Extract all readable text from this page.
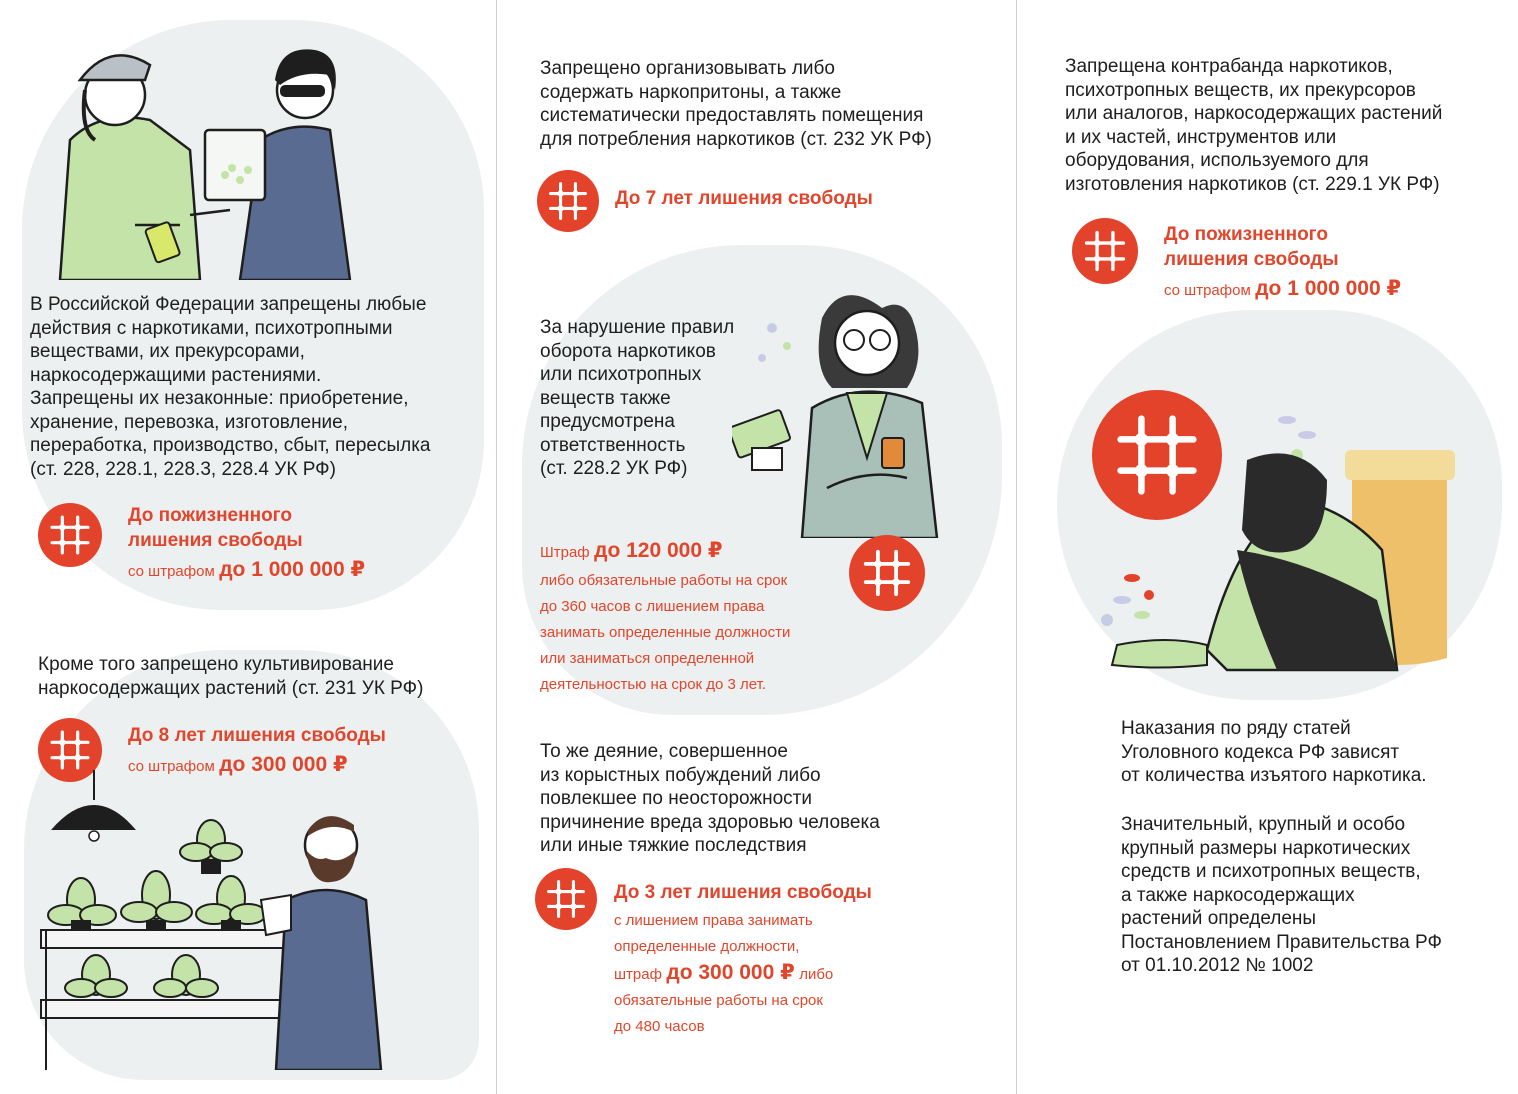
В Российской Федерации запрещены любые
действия с наркотиками, психотропными
веществами, их прекурсорами,
наркосодержащими растениями.
Запрещены их незаконные: приобретение,
хранение, перевозка, изготовление,
переработка, производство, сбыт, пересылка
(ст. 228, 228.1, 228.3, 228.4 УК РФ)
До пожизненного
лишения свободы
со штрафом до 1 000 000 ₽
Кроме того запрещено культивирование
наркосодержащих растений (ст. 231 УК РФ)
До 8 лет лишения свободы
со штрафом до 300 000 ₽
Запрещено организовывать либо
содержать наркопритоны, а также
систематически предоставлять помещения
для потребления наркотиков (ст. 232 УК РФ)
До 7 лет лишения свободы
За нарушение правил
оборота наркотиков
или психотропных
веществ также
предусмотрена
ответственность
(ст. 228.2 УК РФ)
Штраф до 120 000 ₽
либо обязательные работы на срок
до 360 часов с лишением права
занимать определенные должности
или заниматься определенной
деятельностью на срок до 3 лет.
То же деяние, совершенное
из корыстных побуждений либо
повлекшее по неосторожности
причинение вреда здоровью человека
или иные тяжкие последствия
До 3 лет лишения свободы
с лишением права занимать
определенные должности,
штраф до 300 000 ₽ либо
обязательные работы на срок
до 480 часов
Запрещена контрабанда наркотиков,
психотропных веществ, их прекурсоров
или аналогов, наркосодержащих растений
и их частей, инструментов или
оборудования, используемого для
изготовления наркотиков (ст. 229.1 УК РФ)
До пожизненного
лишения свободы
со штрафом до 1 000 000 ₽
Наказания по ряду статей
Уголовного кодекса РФ зависят
от количества изъятого наркотика.
Значительный, крупный и особо
крупный размеры наркотических
средств и психотропных веществ,
а также наркосодержащих
растений определены
Постановлением Правительства РФ
от 01.10.2012 № 1002
